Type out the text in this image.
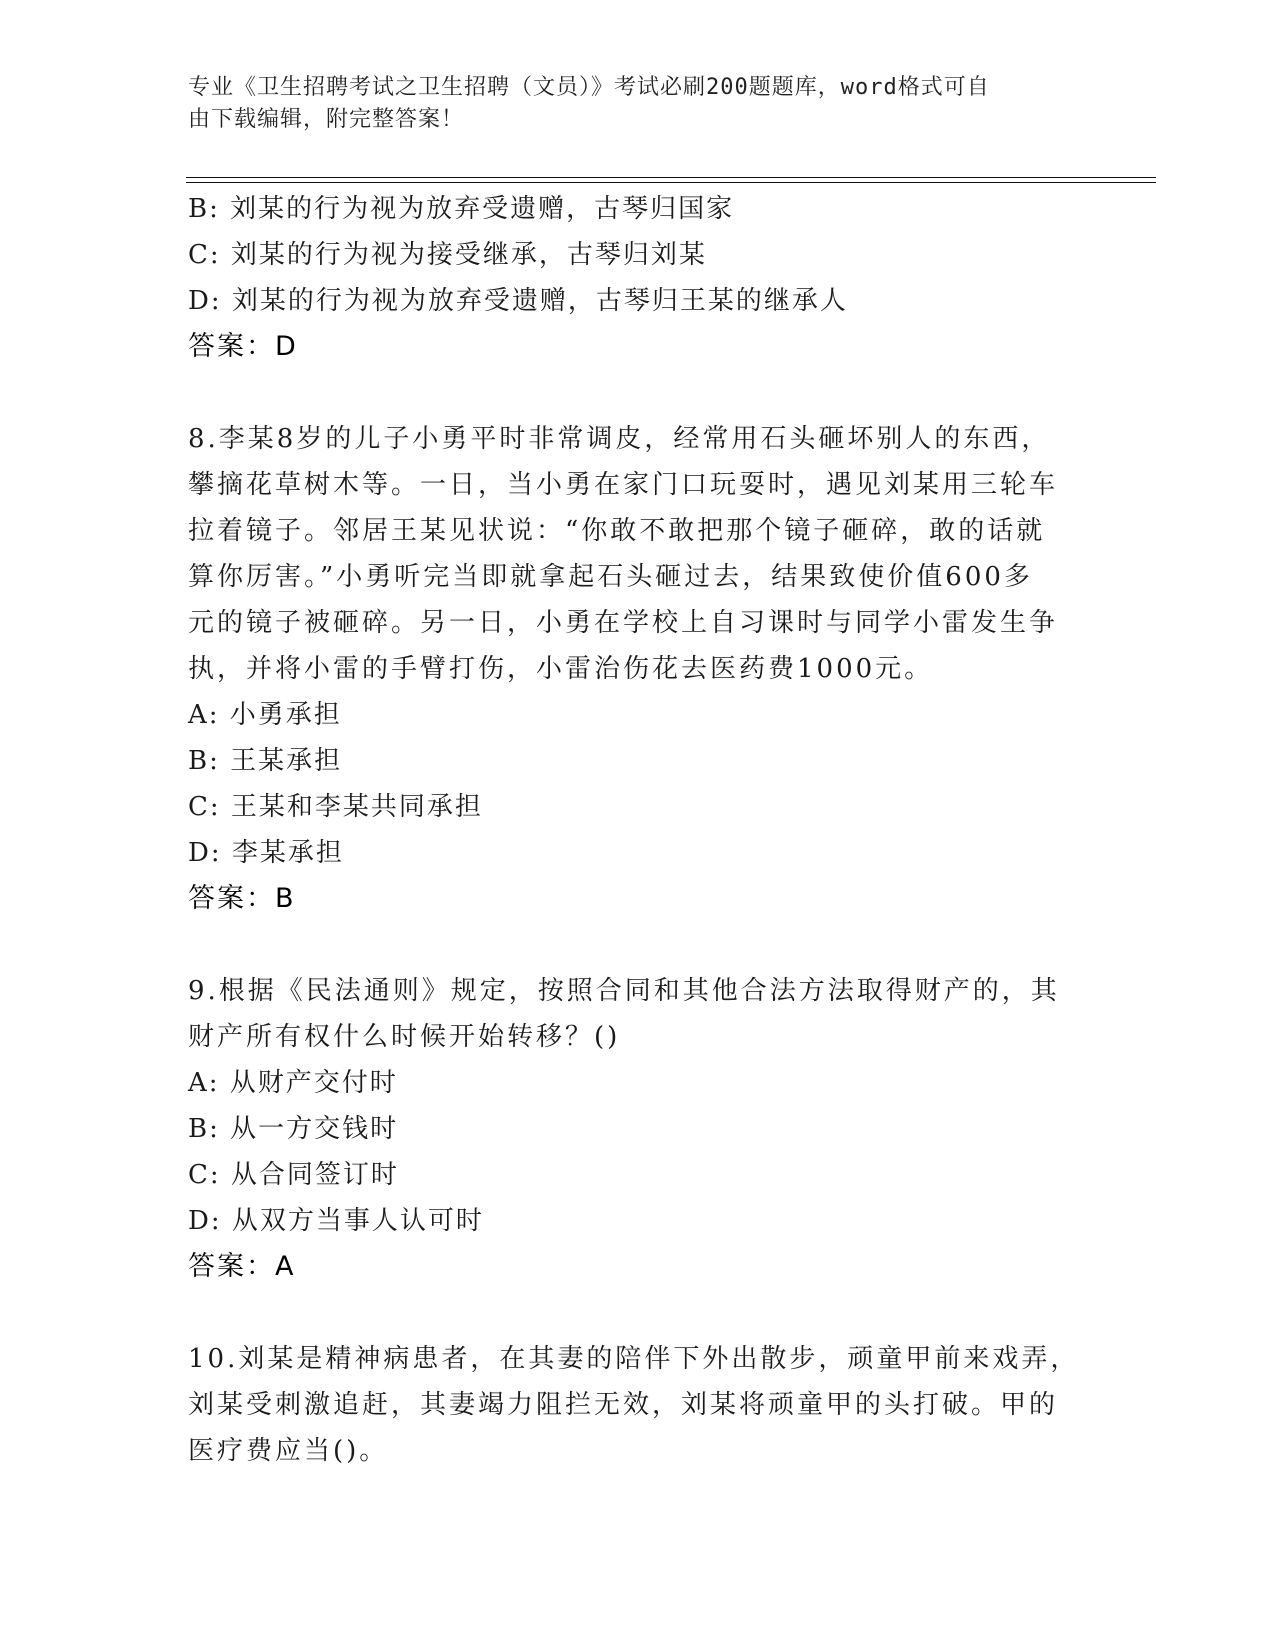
专业《卫生招聘考试之卫生招聘（文员）》考试必刷200题题库，word格式可自
由下载编辑，附完整答案！
B: 刘某的行为视为放弃受遗赠，古琴归国家
C: 刘某的行为视为接受继承，古琴归刘某
D: 刘某的行为视为放弃受遗赠，古琴归王某的继承人
答案：D
8.李某8岁的儿子小勇平时非常调皮，经常用石头砸坏别人的东西，
攀摘花草树木等。一日，当小勇在家门口玩耍时，遇见刘某用三轮车
拉着镜子。邻居王某见状说：“你敢不敢把那个镜子砸碎，敢的话就
算你厉害。”小勇听完当即就拿起石头砸过去，结果致使价值600多
元的镜子被砸碎。另一日，小勇在学校上自习课时与同学小雷发生争
执，并将小雷的手臂打伤，小雷治伤花去医药费1000元。
A: 小勇承担
B: 王某承担
C: 王某和李某共同承担
D: 李某承担
答案：B
9.根据《民法通则》规定，按照合同和其他合法方法取得财产的，其
财产所有权什么时候开始转移？()
A: 从财产交付时
B: 从一方交钱时
C: 从合同签订时
D: 从双方当事人认可时
答案：A
10.刘某是精神病患者，在其妻的陪伴下外出散步，顽童甲前来戏弄，
刘某受刺激追赶，其妻竭力阻拦无效，刘某将顽童甲的头打破。甲的
医疗费应当()。
